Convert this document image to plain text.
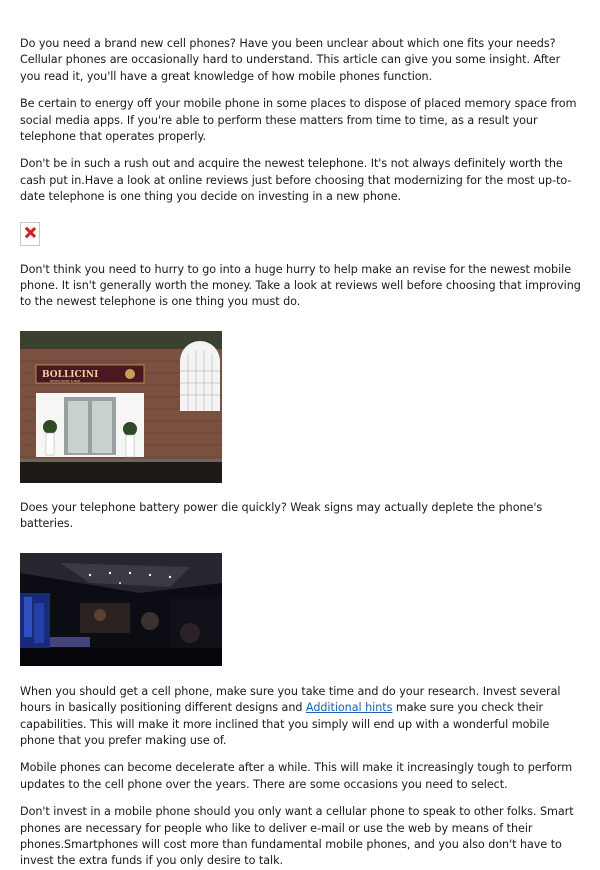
Do you need a brand new cell phones? Have you been unclear about which one fits your needs? Cellular phones are occasionally hard to understand. This article can give you some insight. After you read it, you'll have a great knowledge of how mobile phones function.

Be certain to energy off your mobile phone in some places to dispose of placed memory space from social media apps. If you're able to perform these matters from time to time, as a result your telephone that operates properly.

Don't be in such a rush out and acquire the newest telephone. It's not always definitely worth the cash put in.Have a look at online reviews just before choosing that modernizing for the most up-to-date telephone is one thing you decide on investing in a new phone.

Don't think you need to hurry to go into a huge hurry to help make an revise for the newest mobile phone. It isn't generally worth the money. Take a look at reviews well before choosing that improving to the newest telephone is one thing you must do.

BOLLICINI
RESTAURANT & BAR

Does your telephone battery power die quickly? Weak signs may actually deplete the phone's batteries.

When you should get a cell phone, make sure you take time and do your research. Invest several hours in basically positioning different designs and Additional hints make sure you check their capabilities. This will make it more inclined that you simply will end up with a wonderful mobile phone that you prefer making use of.

Mobile phones can become decelerate after a while. This will make it increasingly tough to perform updates to the cell phone over the years. There are some occasions you need to select.

Don't invest in a mobile phone should you only want a cellular phone to speak to other folks. Smart phones are necessary for people who like to deliver e-mail or use the web by means of their phones.Smartphones will cost more than fundamental mobile phones, and you also don't have to invest the extra funds if you only desire to talk.
